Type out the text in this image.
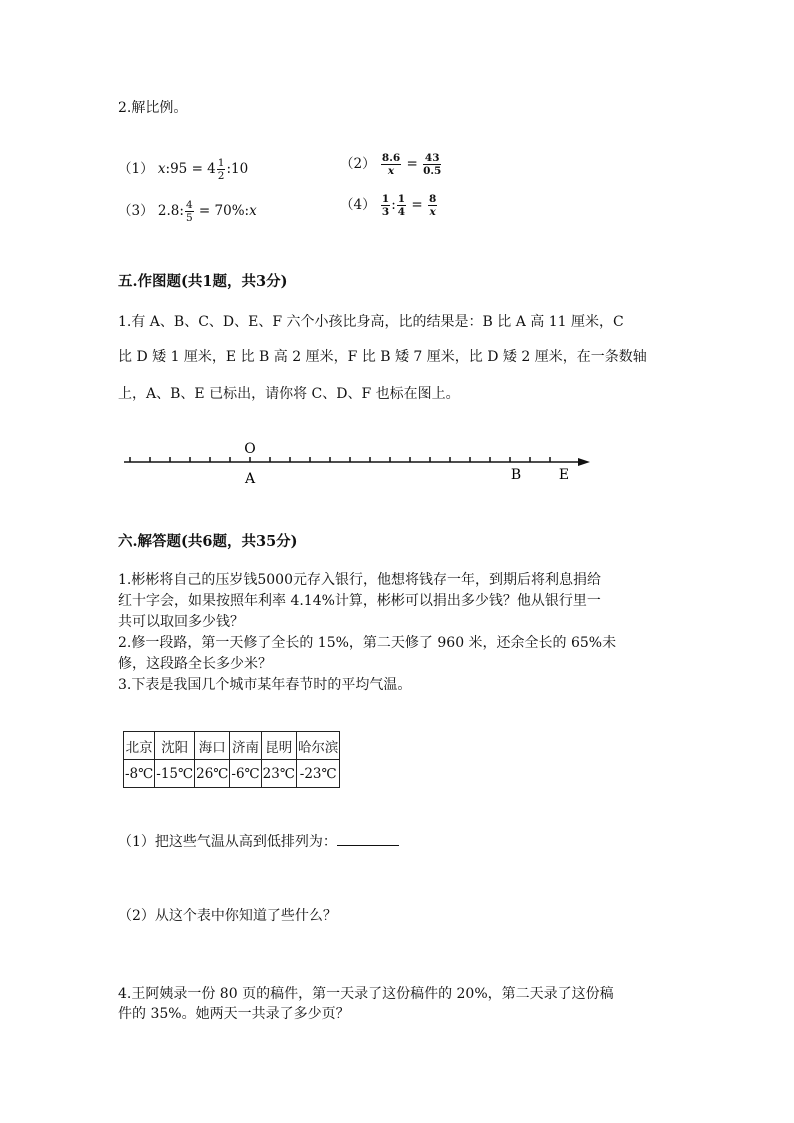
2.解比例。
（1） x:95 = $4 \frac{1}{2}$ :10	$(2) \frac{8.6}{x} = \frac{43}{0.5}$
（3） 2.8: $\frac{4}{5}$ = 70%:x	$(4) \frac{1}{3}$ : $\frac{1}{4} = \frac{8}{x}$
五.作图题(共1题，共3分)
1.有 A、B、C、D、E、F 六个小孩比身高，比的结果是：B 比 A 高 11 厘米，C
比 D 矮 1 厘米，E 比 B 高 2 厘米，F 比 B 矮 7 厘米，比 D 矮 2 厘米，在一条数轴
上，A、B、E 已标出，请你将 C、D、F 也标在图上。
O
A	B	E
六.解答题(共6题，共35分)
1.彬彬将自己的压岁钱5000元存入银行，他想将钱存一年，到期后将利息捐给
红十字会，如果按照年利率 4.14%计算，彬彬可以捐出多少钱？他从银行里一
共可以取回多少钱？
2.修一段路，第一天修了全长的 15%，第二天修了 960 米，还余全长的 65%未
修，这段路全长多少米？
3.下表是我国几个城市某年春节时的平均气温。
北京	沈阳	海口	济南	昆明	哈尔滨
-8℃	-15℃	26℃	-6℃	23℃	-23℃
（1）把这些气温从高到低排列为：
（2）从这个表中你知道了些什么？
4.王阿姨录一份 80 页的稿件，第一天录了这份稿件的 20%，第二天录了这份稿
件的 35%。她两天一共录了多少页？
